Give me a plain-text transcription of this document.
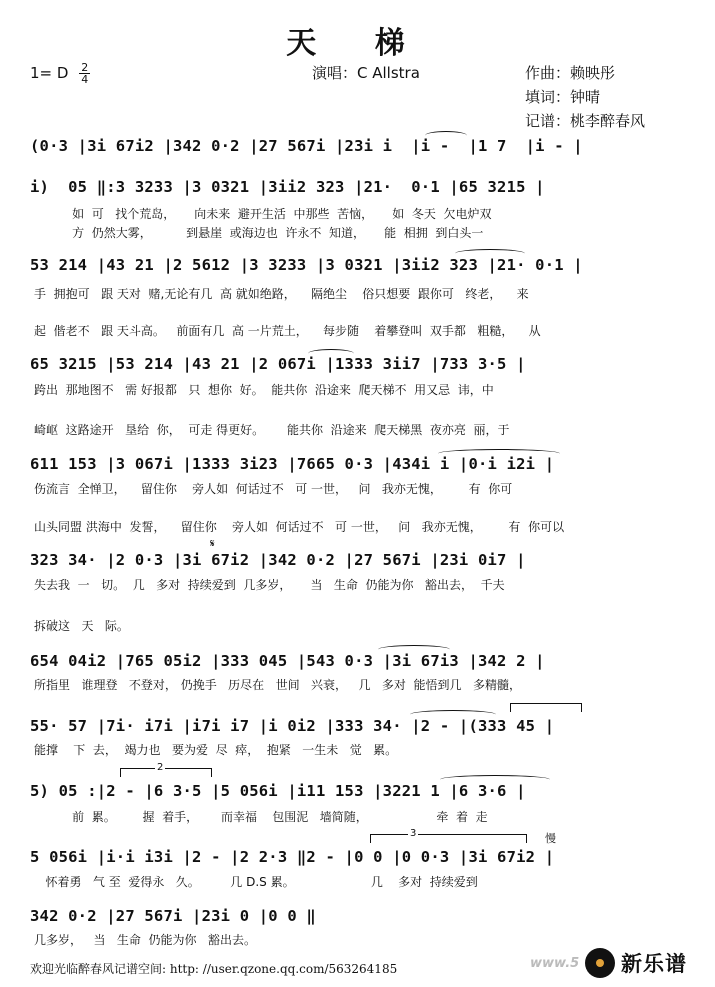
天 梯
1= D $\frac{2}{4}$	演唱：C Allstra	作曲：赖映彤
填词：钟晴
记谱：桃李醉春风
(0·3 |3i 67i2 |342 0·2 |27 567i |23i i  |i -  |1 7  |i - |
i)  05 ‖:3 3233 |3 0321 |3ii2 323 |21·  0·1 |65 3215 |
如  可   找个荒岛，     向未来  避开生活  中那些  苦恼，     如  冬天  欠电炉双
方  仍然大雾，         到悬崖  或海边也  许永不  知道，     能  相拥  到白头一
53 214 |43 21 |2 5612 |3 3233 |3 0321 |3ii2 323 |21· 0·1 |
手  拥抱可   跟 天对  赌,无论有几  高 就如绝路，    隔绝尘    俗只想要  跟你可   终老，    来
起  偕老不   跟 天斗高。   前面有几  高 一片荒土，    每步随    着攀登叫  双手都   粗糙，    从
65 3215 |53 214 |43 21 |2 067i |1333 3ii7 |733 3·5 |
跨出  那地图不   需 好报都   只  想你  好。  能共你  沿途来  爬天梯不  用又忌  讳，中
崎岖  这路途开   垦给  你，  可走 得更好。      能共你  沿途来  爬天梯黑  夜亦亮  丽，于
611 153 |3 067i |1333 3i23 |7665 0·3 |434i i |0·i i2i |
伤流言  全惮卫，    留住你    旁人如  何话过不   可 一世，   问   我亦无愧，       有  你可
山头同盟 洪海中  发誓，    留住你    旁人如  何话过不   可 一世，   问   我亦无愧，       有  你可以
323 34· |2 0·3 |3i 67i2 |342 0·2 |27 567i |23i 0i7 |
失去我  一   切。  几   多对  持续爱到  几多岁，     当   生命  仍能为你   豁出去，  千夫
拆破这   天   际。
𝄋
654 04i2 |765 05i2 |333 045 |543 0·3 |3i 67i3 |342 2 |
所指里   谁理登   不登对， 仍挽手   历尽在   世间   兴衰，   几   多对  能悟到几   多精髓，
55· 57 |7i· i7i |i7i i7 |i 0i2 |333 34· |2 - |(333 45 |
能撑    下  去，  竭力也   要为爱  尽  瘁，  抱紧   一生未   觉   累。
5) 05 :|2 - |6 3·5 |5 056i |i11 153 |3221 1 |6 3·6 |
前  累。       握  着手，      而幸福    包围泥   墙简随，                  牵  着  走
2
5 056i |i·i i3i |2 - |2 2·3 ‖2 - |0 0 |0 0·3 |3i 67i2 |
怀着勇   气 至  爱得永   久。        几 D.S 累。                    几    多对  持续爱到
3	慢
342 0·2 |27 567i |23i 0 |0 0 ‖
几多岁，   当   生命  仍能为你   豁出去。
欢迎光临醉春风记谱空间: http: //user.qzone.qq.com/563264185	www.5 新乐谱
